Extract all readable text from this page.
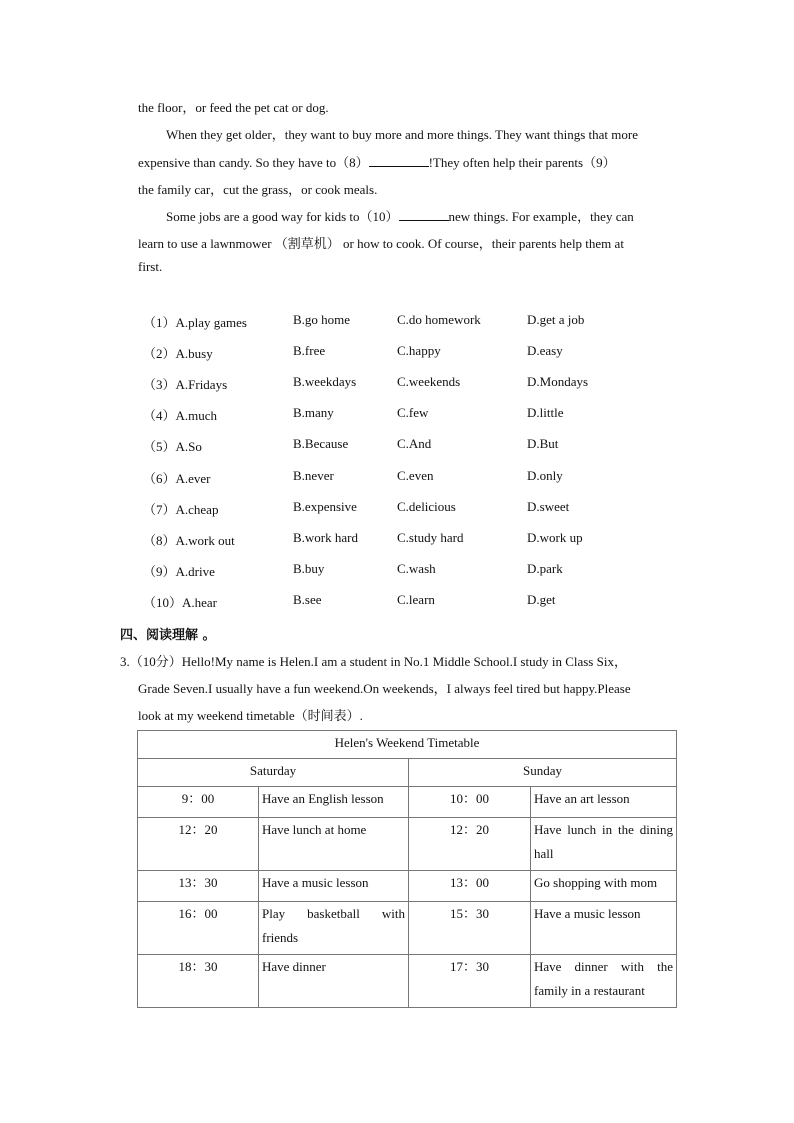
the floor，or feed the pet cat or dog.
When they get older，they want to buy more and more things. They want things that more
expensive than candy. So they have to（8）	!They often help their parents（9）
the family car，cut the grass，or cook meals.
Some jobs are a good way for kids to（10）	new things. For example，they can
learn to use a lawnmower （割草机） or how to cook. Of course，their parents help them at
first.
（1）A.play games	B.go home	C.do homework	D.get a job
（2）A.busy	B.free	C.happy	D.easy
（3）A.Fridays	B.weekdays	C.weekends	D.Mondays
（4）A.much	B.many	C.few	D.little
（5）A.So	B.Because	C.And	D.But
（6）A.ever	B.never	C.even	D.only
（7）A.cheap	B.expensive	C.delicious	D.sweet
（8）A.work out	B.work hard	C.study hard	D.work up
（9）A.drive	B.buy	C.wash	D.park
（10）A.hear	B.see	C.learn	D.get
四、阅读理解 。
3.（10分）Hello!My name is Helen.I am a student in No.1 Middle School.I study in Class Six，
Grade Seven.I usually have a fun weekend.On weekends，I always feel tired but happy.Please
look at my weekend timetable（时间表）.
Helen's Weekend Timetable			
Saturday		Sunday	
9：00	Have an English lesson	10：00	Have an art lesson
12：20	Have lunch at home	12：20	Have lunch in the dining hall
13：30	Have a music lesson	13：00	Go shopping with mom
16：00	Play basketball with friends	15：30	Have a music lesson
18：30	Have dinner	17：30	Have dinner with the family in a restaurant
